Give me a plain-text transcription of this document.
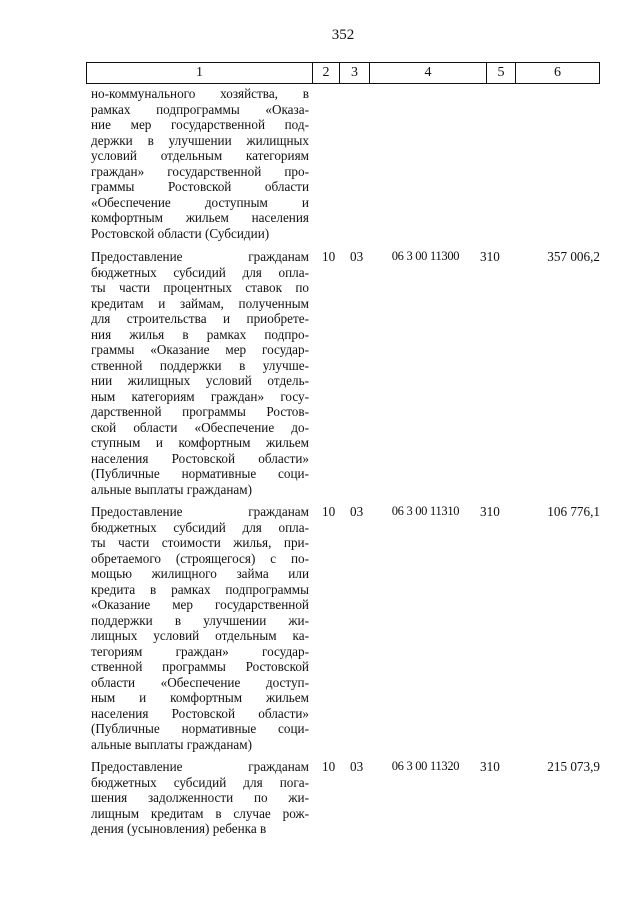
352
1	2	3	4	5	6
но-коммунального хозяйства, в
рамках подпрограммы «Оказа-
ние мер государственной под-
держки в улучшении жилищных
условий отдельным категориям
граждан» государственной про-
граммы Ростовской области
«Обеспечение доступным и
комфортным жильем населения
Ростовской области (Субсидии)
Предоставление гражданам
бюджетных субсидий для опла-
ты части процентных ставок по
кредитам и займам, полученным
для строительства и приобрете-
ния жилья в рамках подпро-
граммы «Оказание мер государ-
ственной поддержки в улучше-
нии жилищных условий отдель-
ным категориям граждан» госу-
дарственной программы Ростов-
ской области «Обеспечение до-
ступным и комфортным жильем
населения Ростовской области»
(Публичные нормативные соци-
альные выплаты гражданам)
10 03	06 3 00 11300	310	357 006,2
Предоставление гражданам
бюджетных субсидий для опла-
ты части стоимости жилья, при-
обретаемого (строящегося) с по-
мощью жилищного займа или
кредита в рамках подпрограммы
«Оказание мер государственной
поддержки в улучшении жи-
лищных условий отдельным ка-
тегориям граждан» государ-
ственной программы Ростовской
области «Обеспечение доступ-
ным и комфортным жильем
населения Ростовской области»
(Публичные нормативные соци-
альные выплаты гражданам)
10 03	06 3 00 11310	310	106 776,1
Предоставление гражданам
бюджетных субсидий для пога-
шения задолженности по жи-
лищным кредитам в случае рож-
дения (усыновления) ребенка в
10 03	06 3 00 11320	310	215 073,9
